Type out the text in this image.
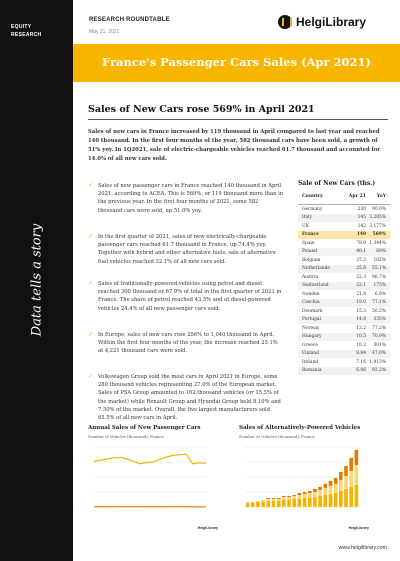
EQUITY
RESEARCH
Data tells a story
RESEARCH ROUNDTABLE
May 21, 2021
HelgiLibrary
France's Passenger Cars Sales (Apr 2021)
Sales of New Cars rose 569% in April 2021
Sales of new cars in France increased by 119 thousand in April compared to last year and reached 140 thousand. In the first four months of the year, 582 thousand cars have been sold, a growth of 51% yoy. In 1Q2021, sale of electric-chargeable vehicles reached 61.7 thousand and accounted for 14.0% of all new cars sold.
✓ Sales of new passenger cars in France reached 140 thousand in April 2021, according to ACEA. This is 569%, or 119 thousand more than in the previous year. In the first four months of 2021, some 582 thousand cars were sold, up 51.0% yoy.
✓ In the first quarter of 2021, sales of new electrically-chargeable passenger cars reached 61.7 thousand in France, up 74.4% yoy. Together with hybrid and other alternative fuels, sale of alternative fuel vehicles reached 32.1% of all new cars sold.
✓ Sales of traditionally-powered vehicles using petrol and diesel reached 300 thousand or 67.9% of total in the first quarter of 2021 in France. The share of petrol reached 43.5% and of diesel-powered vehicles 24.4% of all new passenger cars sold.
✓ In Europe, sales of new cars rose 256% to 1,040 thousand in April. Within the first four months of the year, the increase reached 23.1% at 4,221 thousand cars were sold.
✓ Volkswagen Group sold the most cars in April 2021 in Europe, some 280 thousand vehicles representing 27.0% of the European market. Sales of PSA Group amounted to 162 thousand vehicles (or 15.5% of the market) while Renault Group and Hyundai Group held 8.10% and 7.50% of the market. Overall, the five largest manufacturers sold 65.5% of all new cars in April.
Sale of New Cars (ths.)
Country	Apr 21	YoY
Germany	230	90.0%
Italy	145 3,285%
UK	142 3,177%
France	140	569%
Spain	78.9 1,344%
Poland	40.1	69%
Belgium	37.2	102%
Netherlands	25.8	55.1%
Austria	22.3	96.7%
Switzerland	22.1	175%
Sweden	21.9	6.9%
Czechia	19.0	77.1%
Denmark	15.3	50.2%
Portugal	14.8	335%
Norway	13.2	77.2%
Hungary	10.5	70.9%
Greece	10.2	301%
Finland	8.84	47.0%
Ireland	7.16 1,913%
Romania	6.86	92.2%
Annual Sales of New Passenger Cars
Number of Vehicles (thousand), France
HelgiLibrary
Sales of Alternatively-Powered Vehicles
Number of Vehicles (thousand), France
HelgiLibrary
www.helgilibrary.com
